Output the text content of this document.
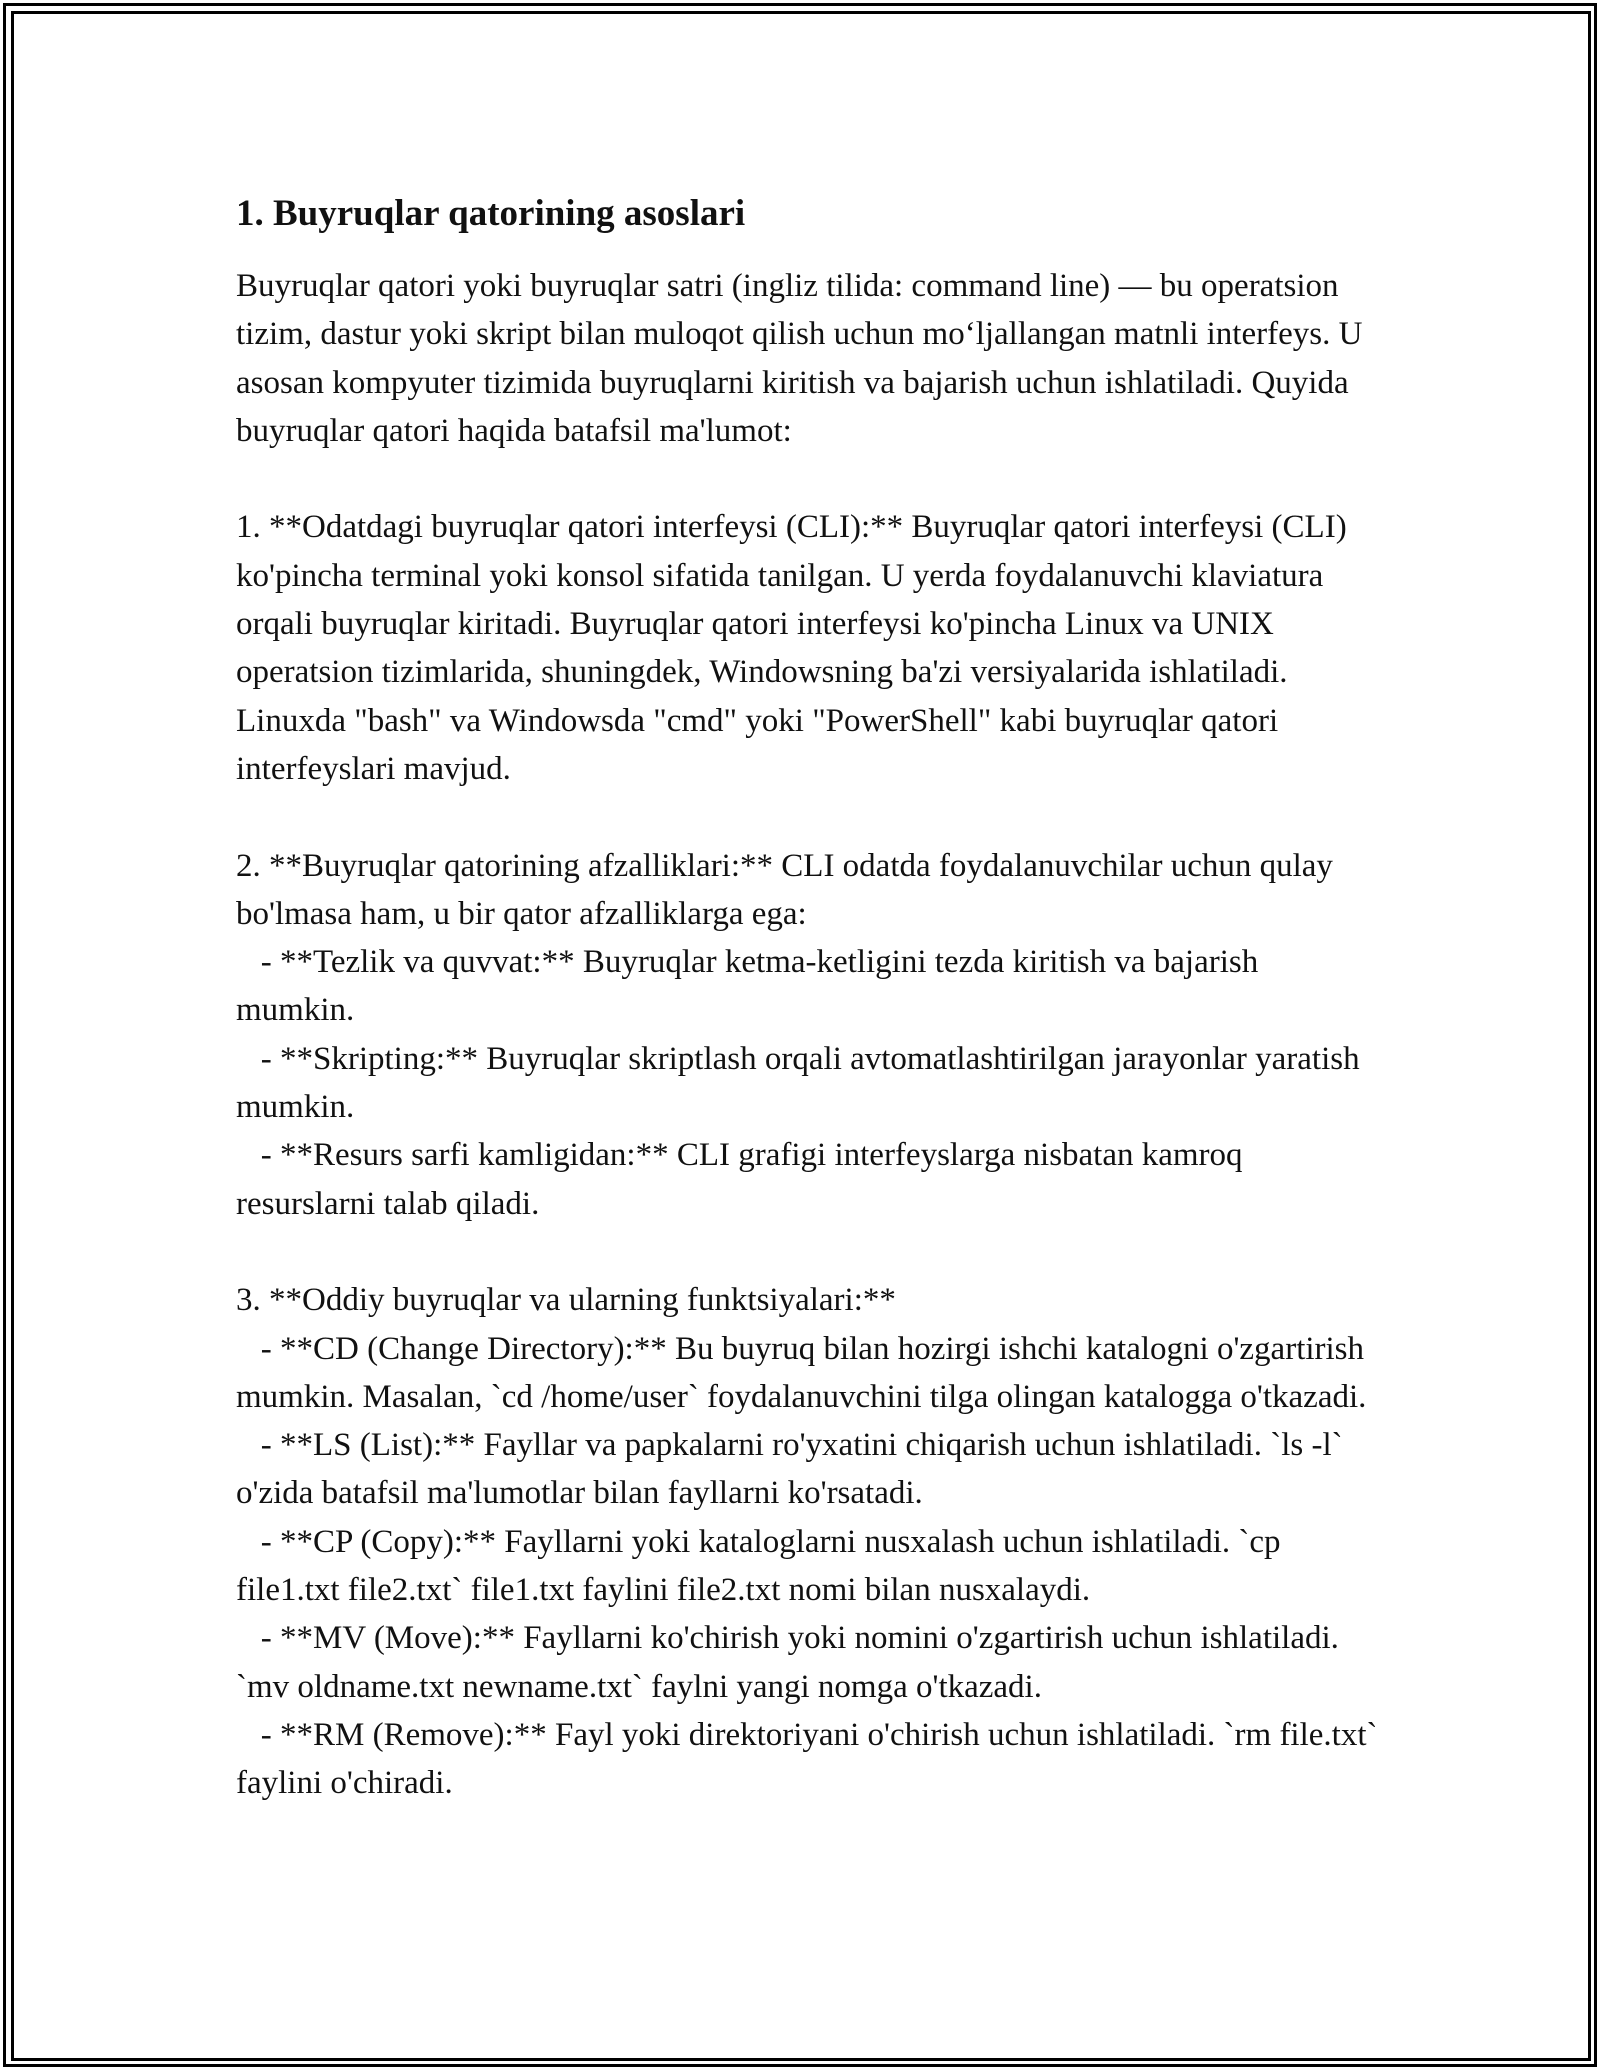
1. Buyruqlar qatorining asoslari

Buyruqlar qatori yoki buyruqlar satri (ingliz tilida: command line) — bu operatsion tizim, dastur yoki skript bilan muloqot qilish uchun mo‘ljallangan matnli interfeys. U asosan kompyuter tizimida buyruqlarni kiritish va bajarish uchun ishlatiladi. Quyida buyruqlar qatori haqida batafsil ma'lumot:

1. **Odatdagi buyruqlar qatori interfeysi (CLI):** Buyruqlar qatori interfeysi (CLI) ko'pincha terminal yoki konsol sifatida tanilgan. U yerda foydalanuvchi klaviatura orqali buyruqlar kiritadi. Buyruqlar qatori interfeysi ko'pincha Linux va UNIX operatsion tizimlarida, shuningdek, Windowsning ba'zi versiyalarida ishlatiladi. Linuxda "bash" va Windowsda "cmd" yoki "PowerShell" kabi buyruqlar qatori interfeyslari mavjud.

2. **Buyruqlar qatorining afzalliklari:** CLI odatda foydalanuvchilar uchun qulay bo'lmasa ham, u bir qator afzalliklarga ega:
- **Tezlik va quvvat:** Buyruqlar ketma-ketligini tezda kiritish va bajarish mumkin.
- **Skripting:** Buyruqlar skriptlash orqali avtomatlashtirilgan jarayonlar yaratish mumkin.
- **Resurs sarfi kamligidan:** CLI grafigi interfeyslarga nisbatan kamroq resurslarni talab qiladi.

3. **Oddiy buyruqlar va ularning funktsiyalari:**
- **CD (Change Directory):** Bu buyruq bilan hozirgi ishchi katalogni o'zgartirish mumkin. Masalan, `cd /home/user` foydalanuvchini tilga olingan katalogga o'tkazadi.
- **LS (List):** Fayllar va papkalarni ro'yxatini chiqarish uchun ishlatiladi. `ls -l` o'zida batafsil ma'lumotlar bilan fayllarni ko'rsatadi.
- **CP (Copy):** Fayllarni yoki kataloglarni nusxalash uchun ishlatiladi. `cp file1.txt file2.txt` file1.txt faylini file2.txt nomi bilan nusxalaydi.
- **MV (Move):** Fayllarni ko'chirish yoki nomini o'zgartirish uchun ishlatiladi. `mv oldname.txt newname.txt` faylni yangi nomga o'tkazadi.
- **RM (Remove):** Fayl yoki direktoriyani o'chirish uchun ishlatiladi. `rm file.txt` faylini o'chiradi.
